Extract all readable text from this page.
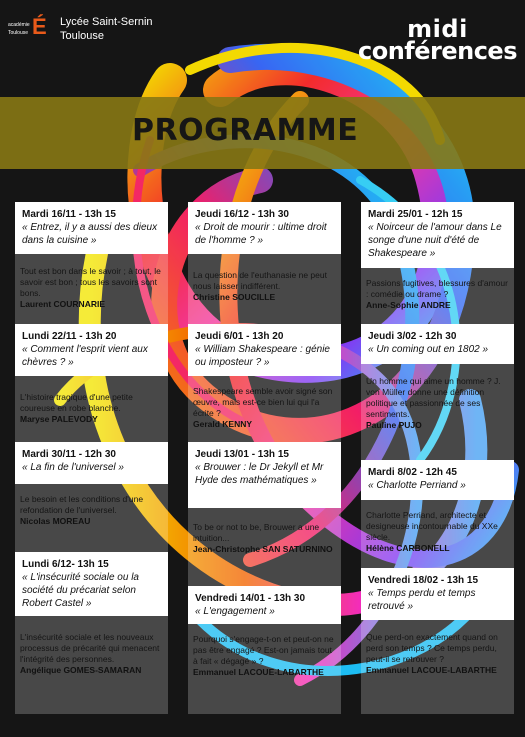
académie
Toulouse É	Lycée Saint-Sernin
Toulouse	midi
conférences
PROGRAMME
Mardi 16/11 - 13h 15
« Entrez, il y a aussi des dieux dans la cuisine »
Tout est bon dans le savoir ; à tout, le savoir est bon ; tous les savoirs sont bons.
Laurent COURNARIE
Lundi 22/11 - 13h 20
« Comment l'esprit vient aux chèvres ? »
L'histoire tragique d'une petite coureuse en robe blanche.
Maryse PALEVODY
Mardi 30/11 - 12h 30
« La fin de l'universel »
Le besoin et les conditions d'une refondation de l'universel.
Nicolas MOREAU
Lundi 6/12- 13h 15
« L'insécurité sociale ou la société du précariat selon Robert Castel »
L'insécurité sociale et les nouveaux processus de précarité qui menacent l'intégrité des personnes.
Angélique GOMES-SAMARAN
Jeudi 16/12 - 13h 30
« Droit de mourir : ultime droit de l'homme ? »
La question de l'euthanasie ne peut nous laisser indifférent.
Christine SOUCILLE
Jeudi 6/01 - 13h 20
« William Shakespeare : génie ou imposteur ? »
Shakespeare semble avoir signé son œuvre, mais est-ce bien lui qui l'a écrite ?
Gerald KENNY
Jeudi 13/01 - 13h 15
« Brouwer : le Dr Jekyll et Mr Hyde des mathématiques »
To be or not to be, Brouwer a une intuition...
Jean-Christophe SAN SATURNINO
Vendredi 14/01 - 13h 30
« L'engagement »
Pourquoi s'engage-t-on et peut-on ne pas être engagé ? Est-on jamais tout à fait « dégagé » ?
Emmanuel LACOUE-LABARTHE
Mardi 25/01 - 12h 15
« Noirceur de l'amour dans Le songe d'une nuit d'été de Shakespeare »
Passions fugitives, blessures d'amour : comédie ou drame ?
Anne-Sophie ANDRE
Jeudi 3/02 - 12h 30
« Un coming out en 1802 »
Un homme qui aime un homme ? J. von Müller donne une définition politique et passionnée de ses sentiments.
Pauline PUJO
Mardi 8/02 - 12h 45
« Charlotte Perriand »
Charlotte Perriand, architecte et designeuse incontournable du XXe siècle.
Hélène CARBONELL
Vendredi 18/02 - 13h 15
« Temps perdu et temps retrouvé »
Que perd-on exactement quand on perd son temps ? Ce temps perdu, peut-il se retrouver ?
Emmanuel LACOUE-LABARTHE
